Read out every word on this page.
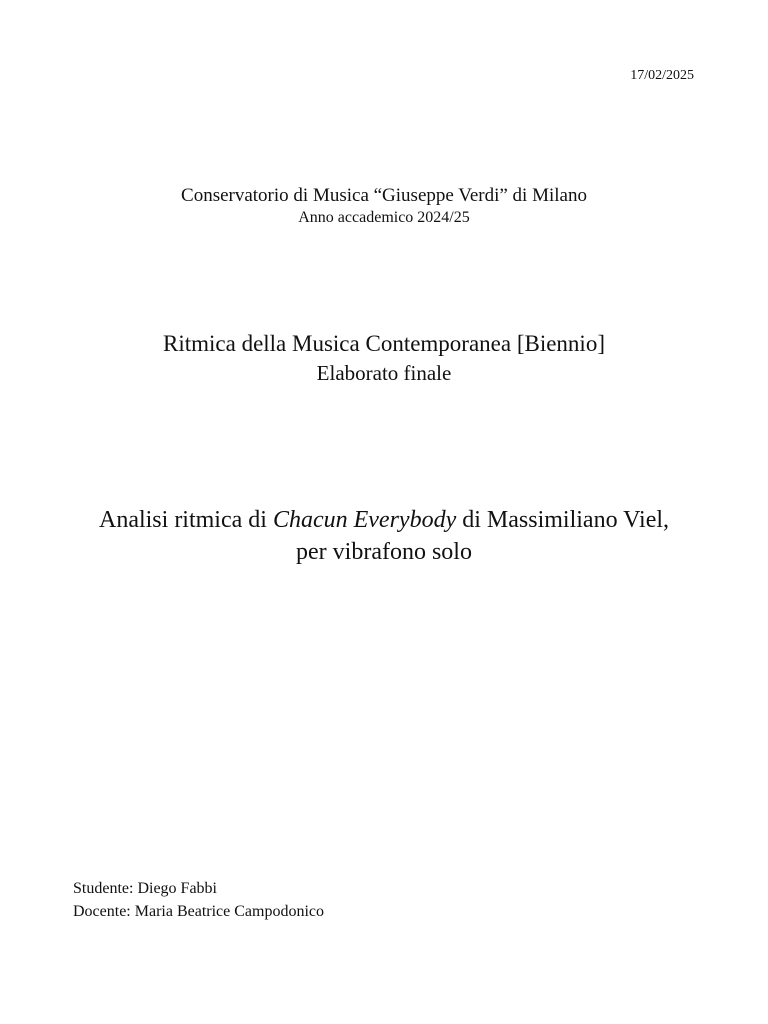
17/02/2025
Conservatorio di Musica “Giuseppe Verdi” di Milano
Anno accademico 2024/25
Ritmica della Musica Contemporanea [Biennio]
Elaborato finale
Analisi ritmica di Chacun Everybody di Massimiliano Viel,
per vibrafono solo
Studente: Diego Fabbi
Docente: Maria Beatrice Campodonico
